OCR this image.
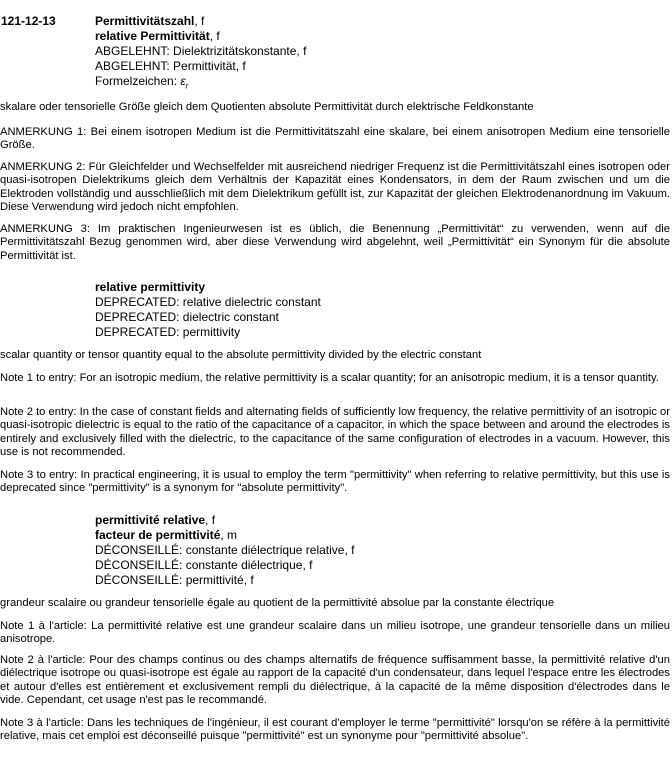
121-12-13	Permittivitätszahl, f
relative Permittivität, f
ABGELEHNT: Dielektrizitätskonstante, f
ABGELEHNT: Permittivität, f
Formelzeichen: $\varepsilon_r$
skalare oder tensorielle Größe gleich dem Quotienten absolute Permittivität durch elektrische Feldkonstante
ANMERKUNG 1: Bei einem isotropen Medium ist die Permittivitätszahl eine skalare, bei einem anisotropen Medium eine tensorielle Größe.
ANMERKUNG 2: Für Gleichfelder und Wechselfelder mit ausreichend niedriger Frequenz ist die Permittivitätszahl eines isotropen oder quasi-isotropen Dielektrikums gleich dem Verhältnis der Kapazität eines Kondensators, in dem der Raum zwischen und um die Elektroden vollständig und ausschließlich mit dem Dielektrikum gefüllt ist, zur Kapazität der gleichen Elektrodenanordnung im Vakuum. Diese Verwendung wird jedoch nicht empfohlen.
ANMERKUNG 3: Im praktischen Ingenieurwesen ist es üblich, die Benennung „Permittivität“ zu verwenden, wenn auf die Permittivitätszahl Bezug genommen wird, aber diese Verwendung wird abgelehnt, weil „Permittivität“ ein Synonym für die absolute Permittivität ist.
relative permittivity
DEPRECATED: relative dielectric constant
DEPRECATED: dielectric constant
DEPRECATED: permittivity
scalar quantity or tensor quantity equal to the absolute permittivity divided by the electric constant
Note 1 to entry: For an isotropic medium, the relative permittivity is a scalar quantity; for an anisotropic medium, it is a tensor quantity.
Note 2 to entry: In the case of constant fields and alternating fields of sufficiently low frequency, the relative permittivity of an isotropic or quasi-isotropic dielectric is equal to the ratio of the capacitance of a capacitor, in which the space between and around the electrodes is entirely and exclusively filled with the dielectric, to the capacitance of the same configuration of electrodes in a vacuum. However, this use is not recommended.
Note 3 to entry: In practical engineering, it is usual to employ the term "permittivity" when referring to relative permittivity, but this use is deprecated since "permittivity" is a synonym for "absolute permittivity".
permittivité relative, f
facteur de permittivité, m
DÉCONSEILLÉ: constante diélectrique relative, f
DÉCONSEILLÉ: constante diélectrique, f
DÉCONSEILLÉ: permittivité, f
grandeur scalaire ou grandeur tensorielle égale au quotient de la permittivité absolue par la constante électrique
Note 1 à l'article: La permittivité relative est une grandeur scalaire dans un milieu isotrope, une grandeur tensorielle dans un milieu anisotrope.
Note 2 à l'article: Pour des champs continus ou des champs alternatifs de fréquence suffisamment basse, la permittivité relative d'un diélectrique isotrope ou quasi-isotrope est égale au rapport de la capacité d'un condensateur, dans lequel l'espace entre les électrodes et autour d'elles est entièrement et exclusivement rempli du diélectrique, à la capacité de la même disposition d'électrodes dans le vide. Cependant, cet usage n'est pas le recommandé.
Note 3 à l'article: Dans les techniques de l'ingénieur, il est courant d'employer le terme "permittivité" lorsqu'on se réfère à la permittivité relative, mais cet emploi est déconseillé puisque "permittivité" est un synonyme pour "permittivité absolue".
